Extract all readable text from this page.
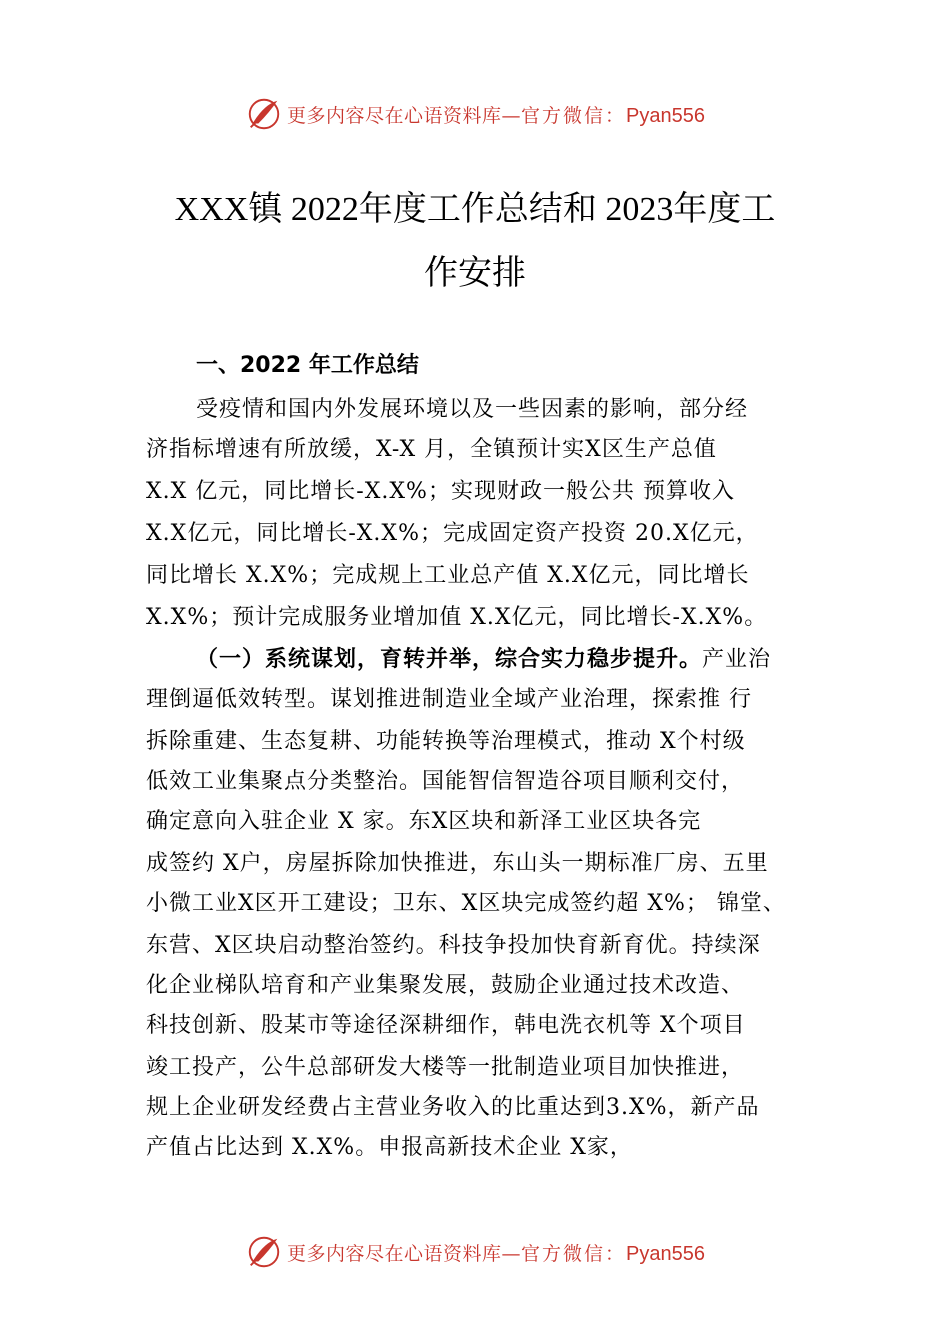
更多内容尽在心语资料库—官方微信：Pyan556
XXX镇 2022年度工作总结和 2023年度工
作安排
一、2022 年工作总结
受疫情和国内外发展环境以及一些因素的影响，部分经
济指标增速有所放缓，X-X 月，全镇预计实X区生产总值
X.X 亿元，同比增长-X.X%；实现财政一般公共 预算收入
X.X亿元，同比增长-X.X%；完成固定资产投资 20.X亿元，
同比增长 X.X%；完成规上工业总产值 X.X亿元，同比增长
X.X%；预计完成服务业增加值 X.X亿元，同比增长-X.X%。
（一）系统谋划，育转并举，综合实力稳步提升。产业治
理倒逼低效转型。谋划推进制造业全域产业治理，探索推 行
拆除重建、生态复耕、功能转换等治理模式，推动 X个村级
低效工业集聚点分类整治。国能智信智造谷项目顺利交付，
确定意向入驻企业 X 家。东X区块和新泽工业区块各完
成签约 X户，房屋拆除加快推进，东山头一期标准厂房、五里
小微工业X区开工建设；卫东、X区块完成签约超 X%； 锦堂、
东营、X区块启动整治签约。科技争投加快育新育优。持续深
化企业梯队培育和产业集聚发展，鼓励企业通过技术改造、
科技创新、股某市等途径深耕细作，韩电洗衣机等 X个项目
竣工投产，公牛总部研发大楼等一批制造业项目加快推进，
规上企业研发经费占主营业务收入的比重达到3.X%，新产品
产值占比达到 X.X%。申报高新技术企业 X家，
更多内容尽在心语资料库—官方微信：Pyan556
